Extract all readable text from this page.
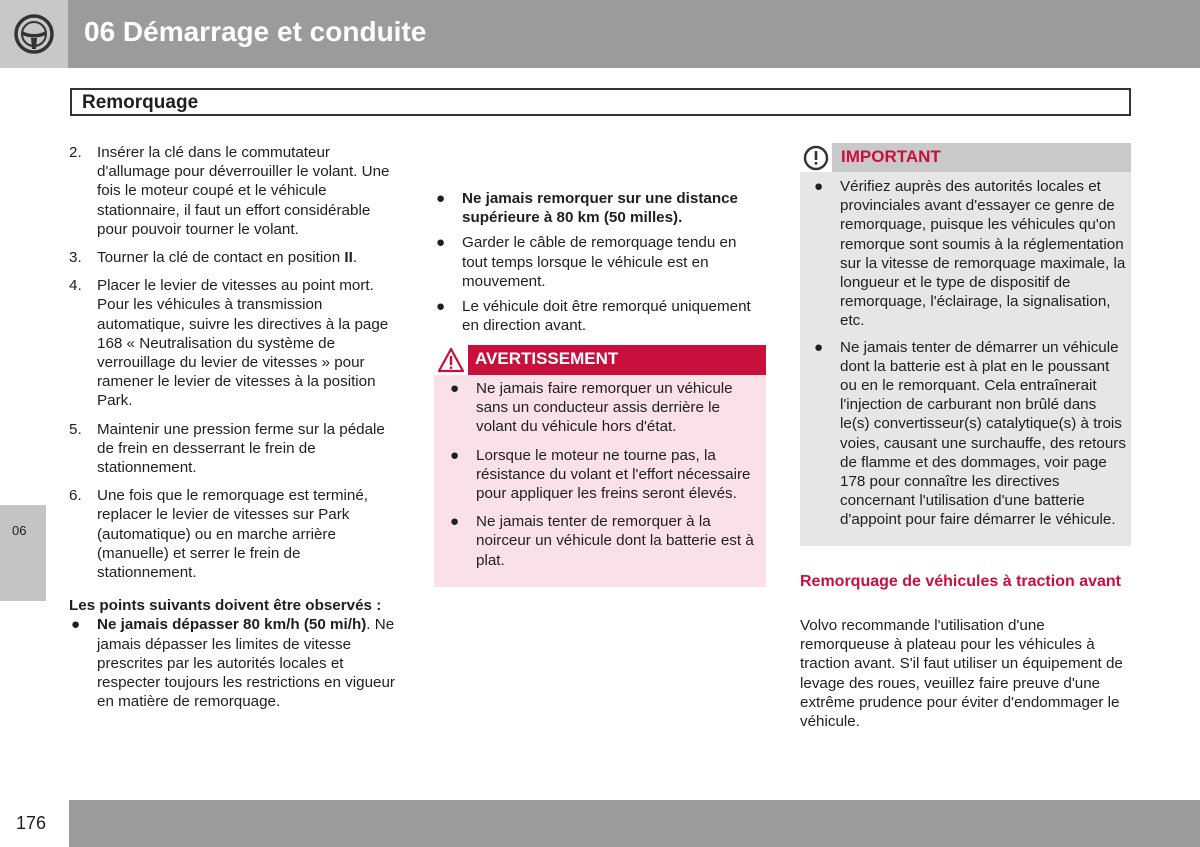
06 Démarrage et conduite
Remorquage
06
2.	Insérer la clé dans le commutateur d'allumage pour déverrouiller le volant. Une fois le moteur coupé et le véhicule stationnaire, il faut un effort considérable pour pouvoir tourner le volant.
3.	Tourner la clé de contact en position II.
4.	Placer le levier de vitesses au point mort. Pour les véhicules à transmission automatique, suivre les directives à la page 168 « Neutralisation du système de verrouillage du levier de vitesses » pour ramener le levier de vitesses à la position Park.
5.	Maintenir une pression ferme sur la pédale de frein en desserrant le frein de stationnement.
6.	Une fois que le remorquage est terminé, replacer le levier de vitesses sur Park (automatique) ou en marche arrière (manuelle) et serrer le frein de stationnement.
Les points suivants doivent être observés :
●	Ne jamais dépasser 80 km/h (50 mi/h). Ne jamais dépasser les limites de vitesse prescrites par les autorités locales et respecter toujours les restrictions en vigueur en matière de remorquage.
●	Ne jamais remorquer sur une distance supérieure à 80 km (50 milles).
●	Garder le câble de remorquage tendu en tout temps lorsque le véhicule est en mouvement.
●	Le véhicule doit être remorqué uniquement en direction avant.
AVERTISSEMENT
●	Ne jamais faire remorquer un véhicule sans un conducteur assis derrière le volant du véhicule hors d'état.
●	Lorsque le moteur ne tourne pas, la résistance du volant et l'effort nécessaire pour appliquer les freins seront élevés.
●	Ne jamais tenter de remorquer à la noirceur un véhicule dont la batterie est à plat.
IMPORTANT
●	Vérifiez auprès des autorités locales et provinciales avant d'essayer ce genre de remorquage, puisque les véhicules qu'on remorque sont soumis à la réglementation sur la vitesse de remorquage maximale, la longueur et le type de dispositif de remorquage, l'éclairage, la signalisation, etc.
●	Ne jamais tenter de démarrer un véhicule dont la batterie est à plat en le poussant ou en le remorquant. Cela entraînerait l'injection de carburant non brûlé dans le(s) convertisseur(s) catalytique(s) à trois voies, causant une surchauffe, des retours de flamme et des dommages, voir page 178 pour connaître les directives concernant l'utilisation d'une batterie d'appoint pour faire démarrer le véhicule.
Remorquage de véhicules à traction avant
Volvo recommande l'utilisation d'une remorqueuse à plateau pour les véhicules à traction avant. S'il faut utiliser un équipement de levage des roues, veuillez faire preuve d'une extrême prudence pour éviter d'endommager le véhicule.
176
